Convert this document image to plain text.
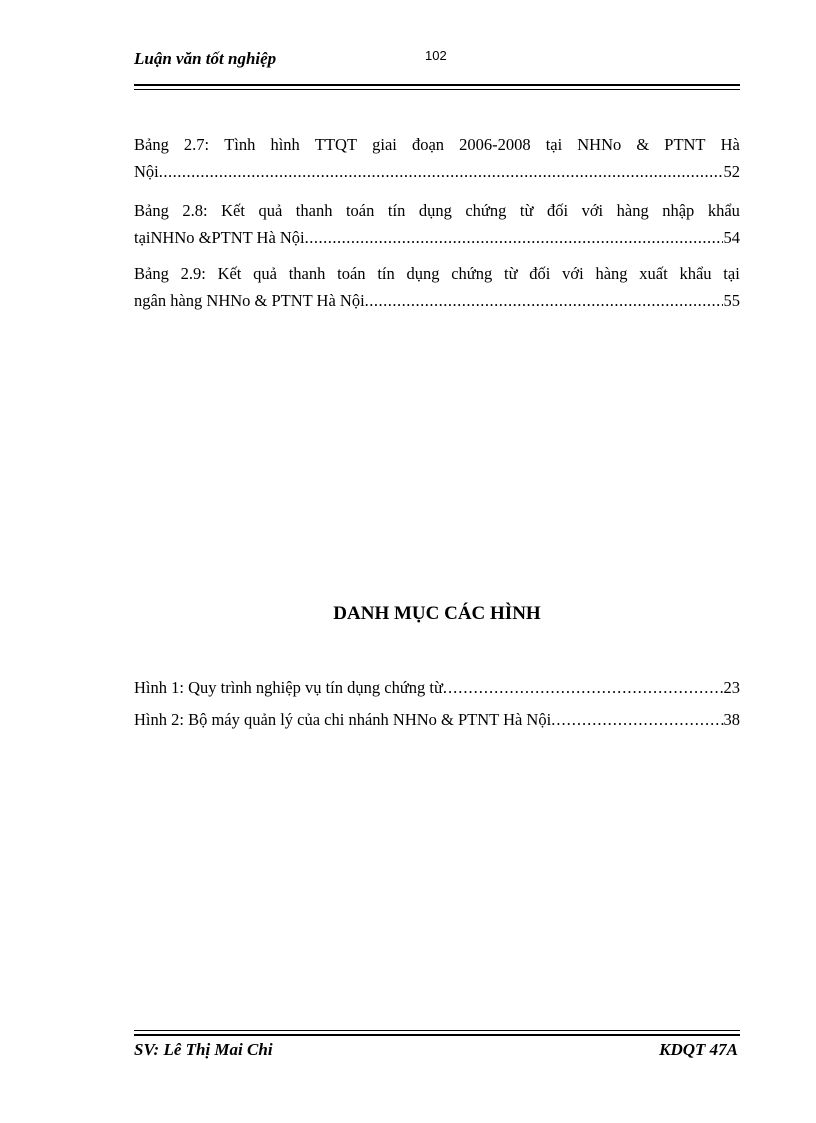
Luận văn tốt nghiệp	102
Bảng 2.7: Tình hình TTQT giai đoạn 2006-2008 tại NHNo & PTNT Hà
Nội .....	52
Bảng 2.8: Kết quả thanh toán tín dụng chứng từ đối với hàng nhập khẩu
tạiNHNo &PTNT Hà Nội .....	54
Bảng 2.9: Kết quả thanh toán tín dụng chứng từ đối với hàng xuất khẩu tại
ngân hàng NHNo & PTNT Hà Nội .....	55
DANH MỤC CÁC HÌNH
Hình 1: Quy trình nghiệp vụ tín dụng chứng từ .....	23
Hình 2: Bộ máy quản lý của chi nhánh NHNo & PTNT Hà Nội .....	38
SV: Lê Thị Mai Chi	KDQT 47A
